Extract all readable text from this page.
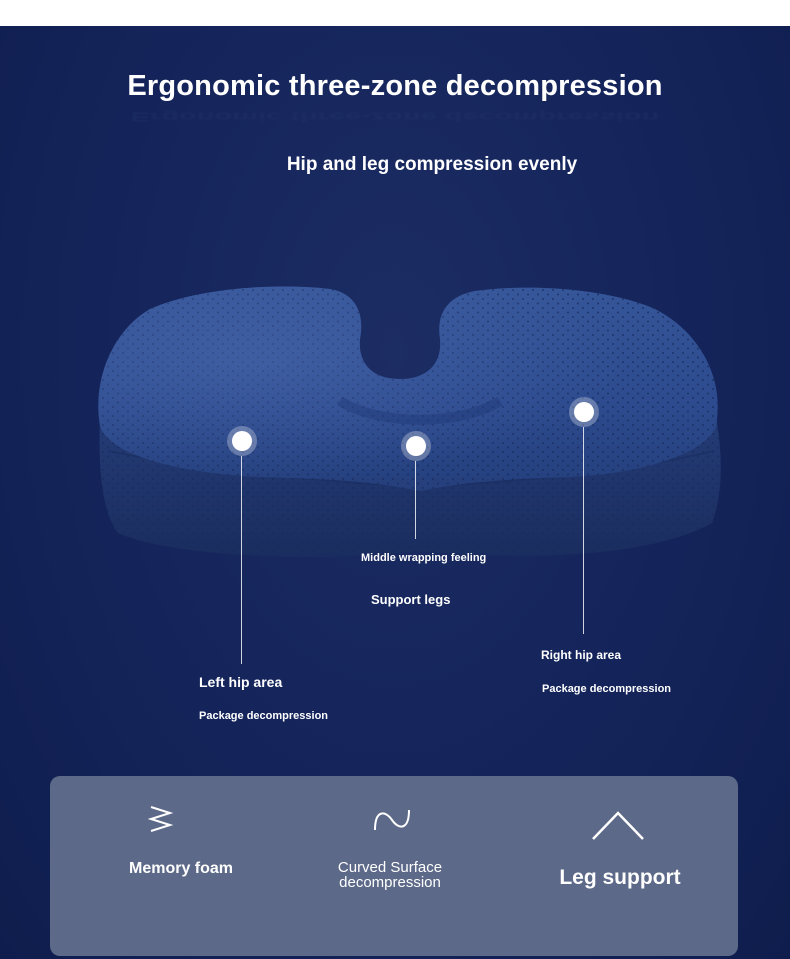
Ergonomic three-zone decompression
Ergonomic three-zone decompression
Hip and leg compression evenly
Left hip area
Package decompression
Middle wrapping feeling
Support legs
Right hip area
Package decompression
Memory foam	Curved Surface
decompression	Leg support
